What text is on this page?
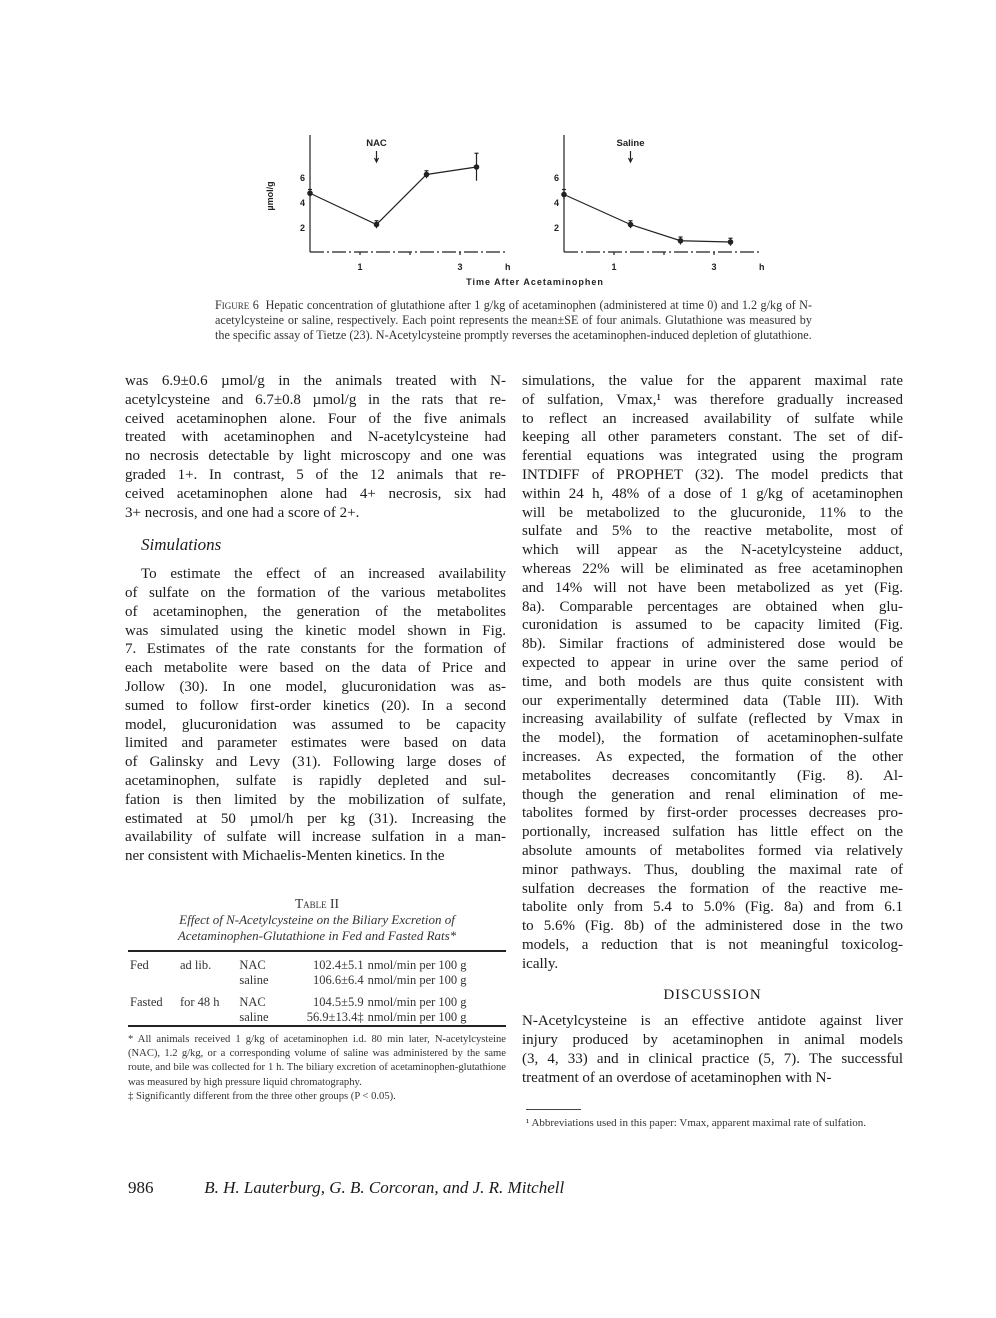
2
4
6
1	3	h
NAC
µmol/g
2
4
6
1	3	h
Saline
Time After Acetaminophen
Figure 6 Hepatic concentration of glutathione after 1 g/kg of acetaminophen (administered at time 0) and 1.2 g/kg of N-acetylcysteine or saline, respectively. Each point represents the mean±SE of four animals. Glutathione was measured by the specific assay of Tietze (23). N-Acetylcysteine promptly reverses the acetaminophen-induced depletion of glutathione.
was 6.9±0.6 µmol/g in the animals treated with N-
acetylcysteine and 6.7±0.8 µmol/g in the rats that re-
ceived acetaminophen alone. Four of the five animals
treated with acetaminophen and N-acetylcysteine had
no necrosis detectable by light microscopy and one was
graded 1+. In contrast, 5 of the 12 animals that re-
ceived acetaminophen alone had 4+ necrosis, six had
3+ necrosis, and one had a score of 2+.
Simulations
To estimate the effect of an increased availability
of sulfate on the formation of the various metabolites
of acetaminophen, the generation of the metabolites
was simulated using the kinetic model shown in Fig.
7. Estimates of the rate constants for the formation of
each metabolite were based on the data of Price and
Jollow (30). In one model, glucuronidation was as-
sumed to follow first-order kinetics (20). In a second
model, glucuronidation was assumed to be capacity
limited and parameter estimates were based on data
of Galinsky and Levy (31). Following large doses of
acetaminophen, sulfate is rapidly depleted and sul-
fation is then limited by the mobilization of sulfate,
estimated at 50 µmol/h per kg (31). Increasing the
availability of sulfate will increase sulfation in a man-
ner consistent with Michaelis-Menten kinetics. In the
Table II
Effect of N-Acetylcysteine on the Biliary Excretion of
Acetaminophen-Glutathione in Fed and Fasted Rats*
Fed	ad lib.	NAC	102.4±5.1	nmol/min per 100 g
		saline	106.6±6.4	nmol/min per 100 g
Fasted	for 48 h	NAC	104.5±5.9	nmol/min per 100 g
		saline	56.9±13.4‡	nmol/min per 100 g
* All animals received 1 g/kg of acetaminophen i.d. 80 min later, N-acetylcysteine (NAC), 1.2 g/kg, or a corresponding volume of saline was administered by the same route, and bile was collected for 1 h. The biliary excretion of acetaminophen-glutathione was measured by high pressure liquid chromatography.
‡ Significantly different from the three other groups (P < 0.05).
simulations, the value for the apparent maximal rate
of sulfation, Vmax,¹ was therefore gradually increased
to reflect an increased availability of sulfate while
keeping all other parameters constant. The set of dif-
ferential equations was integrated using the program
INTDIFF of PROPHET (32). The model predicts that
within 24 h, 48% of a dose of 1 g/kg of acetaminophen
will be metabolized to the glucuronide, 11% to the
sulfate and 5% to the reactive metabolite, most of
which will appear as the N-acetylcysteine adduct,
whereas 22% will be eliminated as free acetaminophen
and 14% will not have been metabolized as yet (Fig.
8a). Comparable percentages are obtained when glu-
curonidation is assumed to be capacity limited (Fig.
8b). Similar fractions of administered dose would be
expected to appear in urine over the same period of
time, and both models are thus quite consistent with
our experimentally determined data (Table III). With
increasing availability of sulfate (reflected by Vmax in
the model), the formation of acetaminophen-sulfate
increases. As expected, the formation of the other
metabolites decreases concomitantly (Fig. 8). Al-
though the generation and renal elimination of me-
tabolites formed by first-order processes decreases pro-
portionally, increased sulfation has little effect on the
absolute amounts of metabolites formed via relatively
minor pathways. Thus, doubling the maximal rate of
sulfation decreases the formation of the reactive me-
tabolite only from 5.4 to 5.0% (Fig. 8a) and from 6.1
to 5.6% (Fig. 8b) of the administered dose in the two
models, a reduction that is not meaningful toxicolog-
ically.
DISCUSSION
N-Acetylcysteine is an effective antidote against liver
injury produced by acetaminophen in animal models
(3, 4, 33) and in clinical practice (5, 7). The successful
treatment of an overdose of acetaminophen with N-
¹ Abbreviations used in this paper: Vmax, apparent maximal rate of sulfation.
986	B. H. Lauterburg, G. B. Corcoran, and J. R. Mitchell
